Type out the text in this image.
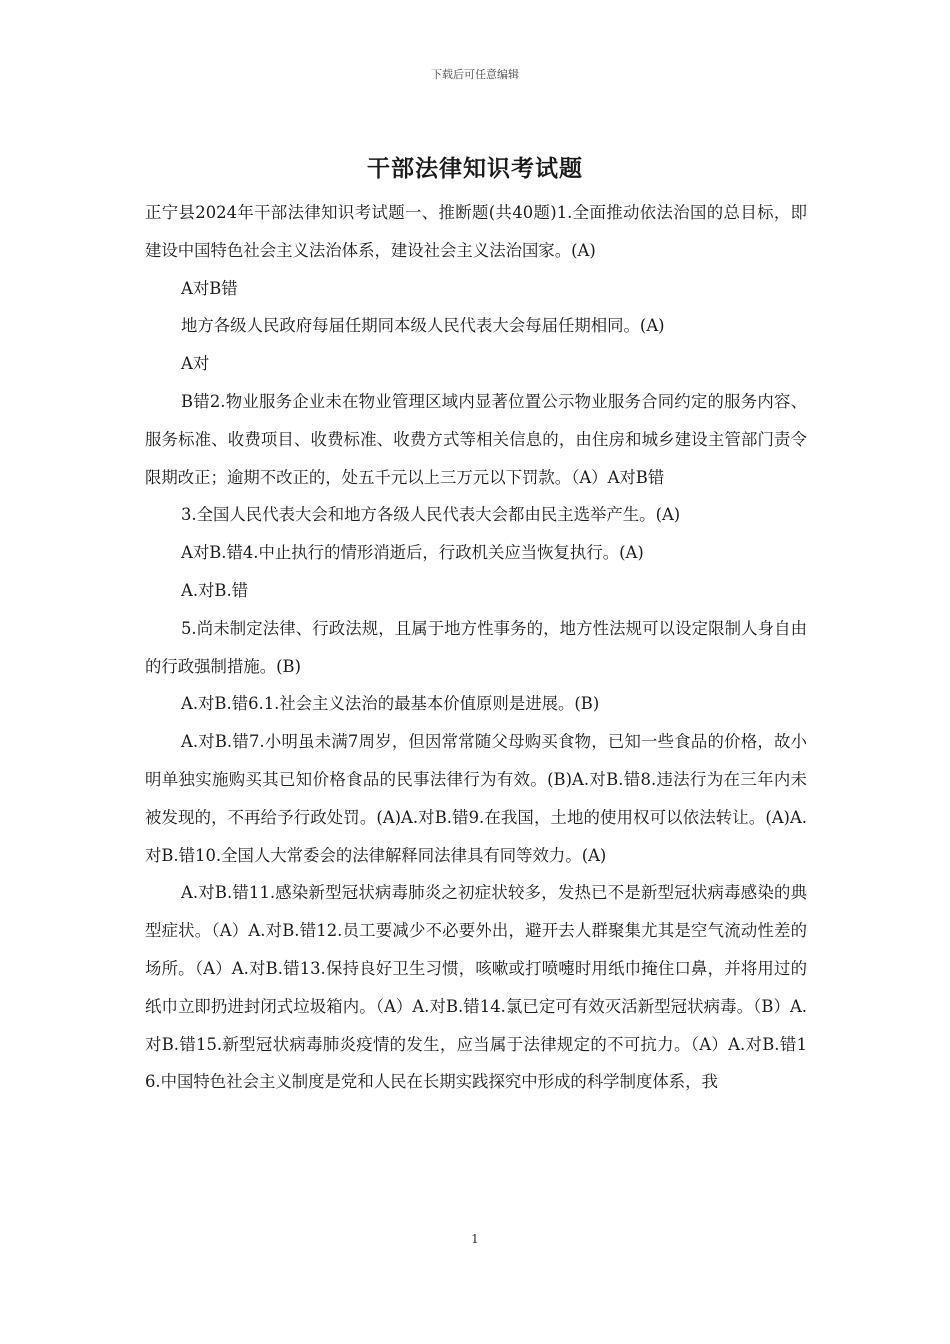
下载后可任意编辑
干部法律知识考试题

正宁县2024年干部法律知识考试题一、推断题(共40题)1.全面推动依法治国的总目标，即建设中国特色社会主义法治体系，建设社会主义法治国家。(A)

A对B错

地方各级人民政府每届任期同本级人民代表大会每届任期相同。(A)

A对

B错2.物业服务企业未在物业管理区域内显著位置公示物业服务合同约定的服务内容、服务标准、收费项目、收费标准、收费方式等相关信息的，由住房和城乡建设主管部门责令限期改正；逾期不改正的，处五千元以上三万元以下罚款。（A）A对B错

3.全国人民代表大会和地方各级人民代表大会都由民主选举产生。(A)

A对B.错4.中止执行的情形消逝后，行政机关应当恢复执行。(A)

A.对B.错

5.尚未制定法律、行政法规，且属于地方性事务的，地方性法规可以设定限制人身自由的行政强制措施。(B)

A.对B.错6.1.社会主义法治的最基本价值原则是进展。(B)

A.对B.错7.小明虽未满7周岁，但因常常随父母购买食物，已知一些食品的价格，故小明单独实施购买其已知价格食品的民事法律行为有效。(B)A.对B.错8.违法行为在三年内未被发现的，不再给予行政处罚。(A)A.对B.错9.在我国，土地的使用权可以依法转让。(A)A.对B.错10.全国人大常委会的法律解释同法律具有同等效力。(A)

A.对B.错11.感染新型冠状病毒肺炎之初症状较多，发热已不是新型冠状病毒感染的典型症状。（A）A.对B.错12.员工要减少不必要外出，避开去人群聚集尤其是空气流动性差的场所。（A）A.对B.错13.保持良好卫生习惯，咳嗽或打喷嚏时用纸巾掩住口鼻，并将用过的纸巾立即扔进封闭式垃圾箱内。（A）A.对B.错14.氯已定可有效灭活新型冠状病毒。（B）A.对B.错15.新型冠状病毒肺炎疫情的发生，应当属于法律规定的不可抗力。（A）A.对B.错16.中国特色社会主义制度是党和人民在长期实践探究中形成的科学制度体系，我

1
